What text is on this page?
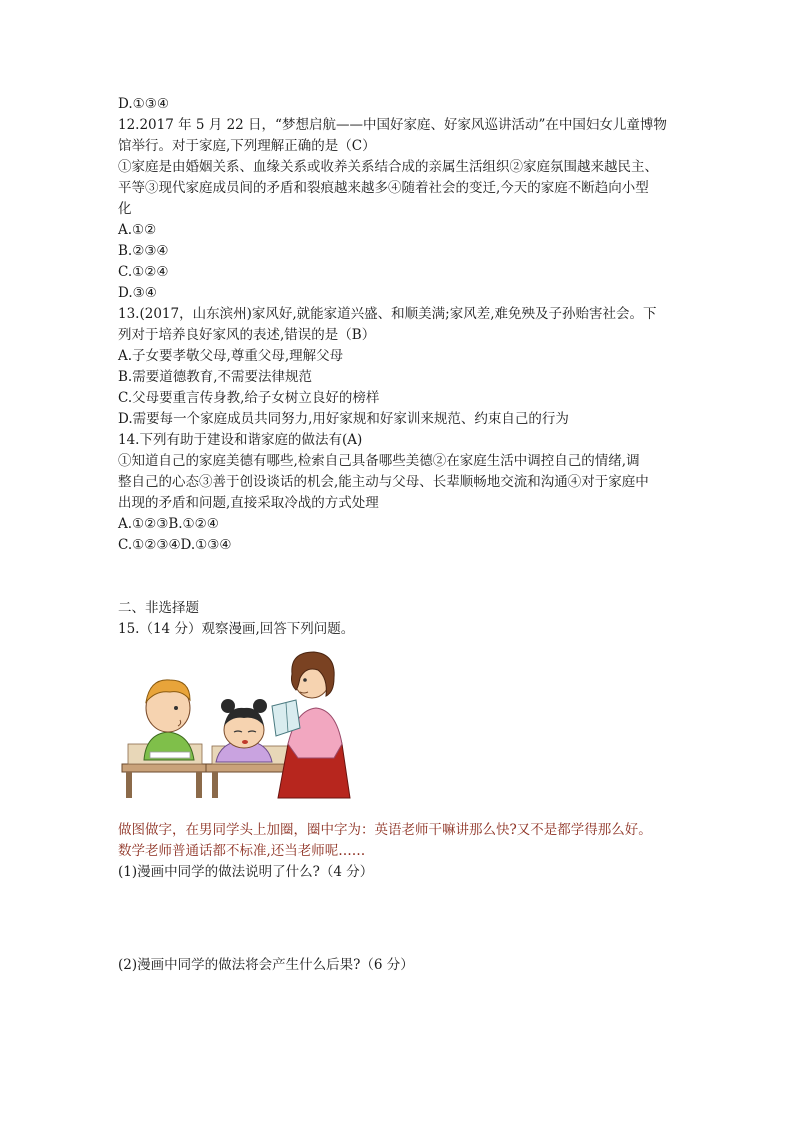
D.①③④

12.2017 年 5 月 22 日，“梦想启航——中国好家庭、好家风巡讲活动”在中国妇女儿童博物

馆举行。对于家庭,下列理解正确的是（C）

①家庭是由婚姻关系、血缘关系或收养关系结合成的亲属生活组织②家庭氛围越来越民主、

平等③现代家庭成员间的矛盾和裂痕越来越多④随着社会的变迁,今天的家庭不断趋向小型

化

A.①②

B.②③④

C.①②④

D.③④

13.(2017，山东滨州)家风好,就能家道兴盛、和顺美满;家风差,难免殃及子孙贻害社会。下

列对于培养良好家风的表述,错误的是（B）

A.子女要孝敬父母,尊重父母,理解父母

B.需要道德教育,不需要法律规范

C.父母要重言传身教,给子女树立良好的榜样

D.需要每一个家庭成员共同努力,用好家规和好家训来规范、约束自己的行为

14.下列有助于建设和谐家庭的做法有(A)

①知道自己的家庭美德有哪些,检索自己具备哪些美德②在家庭生活中调控自己的情绪,调

整自己的心态③善于创设谈话的机会,能主动与父母、长辈顺畅地交流和沟通④对于家庭中

出现的矛盾和问题,直接采取冷战的方式处理

A.①②③B.①②④

C.①②③④D.①③④

二、非选择题

15.（14 分）观察漫画,回答下列问题。

做图做字，在男同学头上加圈，圈中字为：英语老师干嘛讲那么快?又不是都学得那么好。

数学老师普通话都不标准,还当老师呢……

(1)漫画中同学的做法说明了什么?（4 分）

(2)漫画中同学的做法将会产生什么后果?（6 分）
